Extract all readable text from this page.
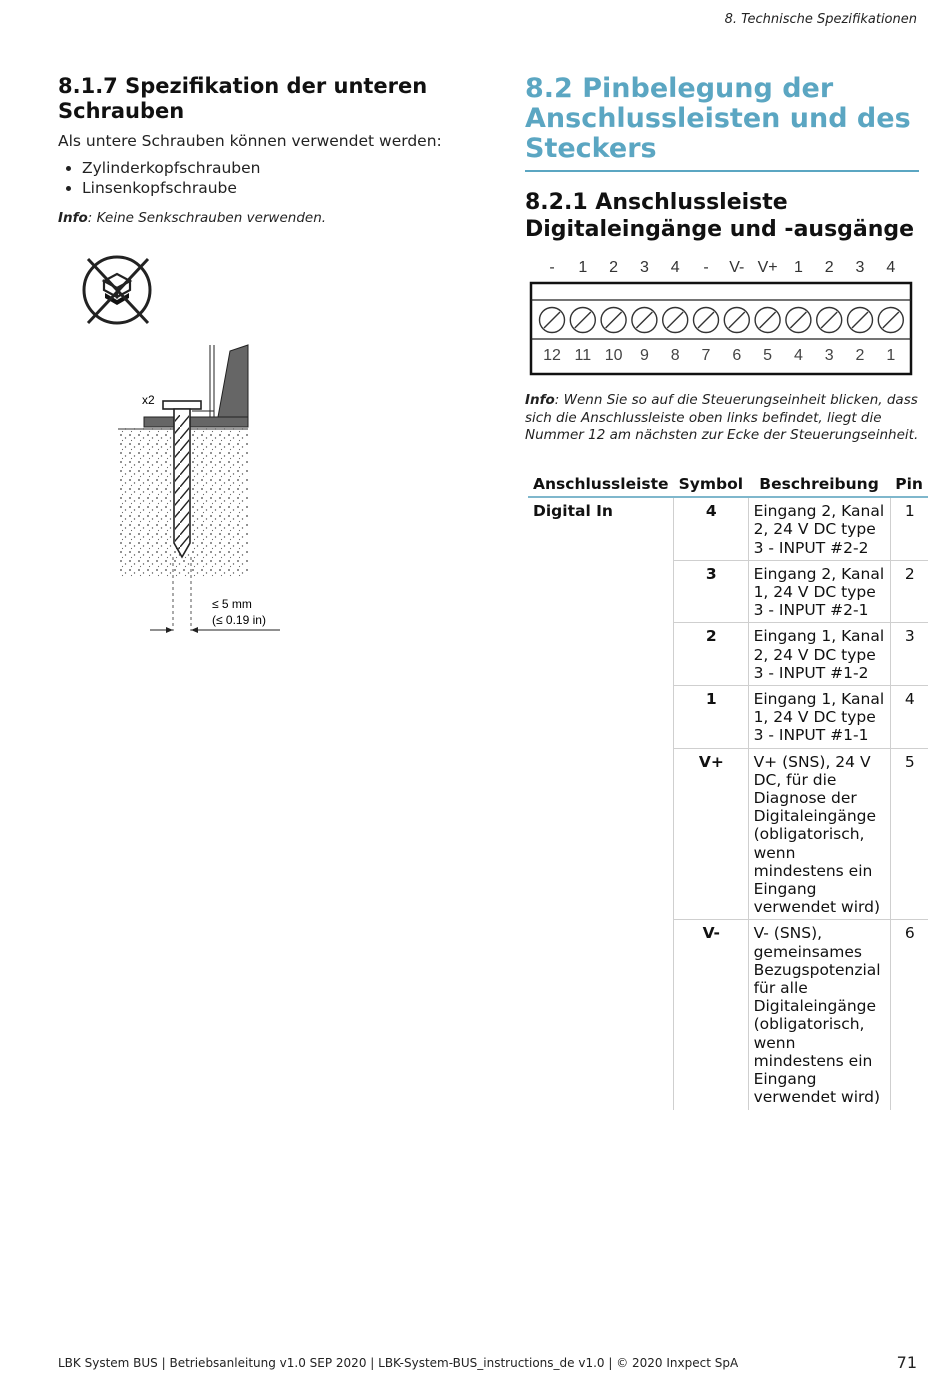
8. Technische Spezifikationen
8.1.7 Spezifikation der unteren Schrauben

Als untere Schrauben können verwendet werden:

• Zylinderkopfschrauben
• Linsenkopfschraube
Info: Keine Senkschrauben verwenden.
x2
≤ 5 mm
(≤ 0.19 in)
8.2 Pinbelegung der Anschlussleisten und des Steckers
8.2.1 Anschlussleiste Digitaleingänge und -ausgänge
- 1 2 3 4 - V- V+ 1 2 3 4
12 11 10 9 8 7 6 5 4 3 2 1
Info: Wenn Sie so auf die Steuerungseinheit blicken, dass sich die Anschlussleiste oben links befindet, liegt die Nummer 12 am nächsten zur Ecke der Steuerungseinheit.
Anschlussleiste	Symbol	Beschreibung	Pin
Digital In	4	Eingang 2, Kanal 2, 24 V DC type 3 - INPUT #2-2	1
	3	Eingang 2, Kanal 1, 24 V DC type 3 - INPUT #2-1	2
	2	Eingang 1, Kanal 2, 24 V DC type 3 - INPUT #1-2	3
	1	Eingang 1, Kanal 1, 24 V DC type 3 - INPUT #1-1	4
	V+	V+ (SNS), 24 V DC, für die Diagnose der Digitaleingänge (obligatorisch, wenn mindestens ein Eingang verwendet wird)	5
	V-	V- (SNS), gemeinsames Bezugspotenzial für alle Digitaleingänge (obligatorisch, wenn mindestens ein Eingang verwendet wird)	6
LBK System BUS | Betriebsanleitung v1.0 SEP 2020 | LBK-System-BUS_instructions_de v1.0 | © 2020 Inxpect SpA	71
